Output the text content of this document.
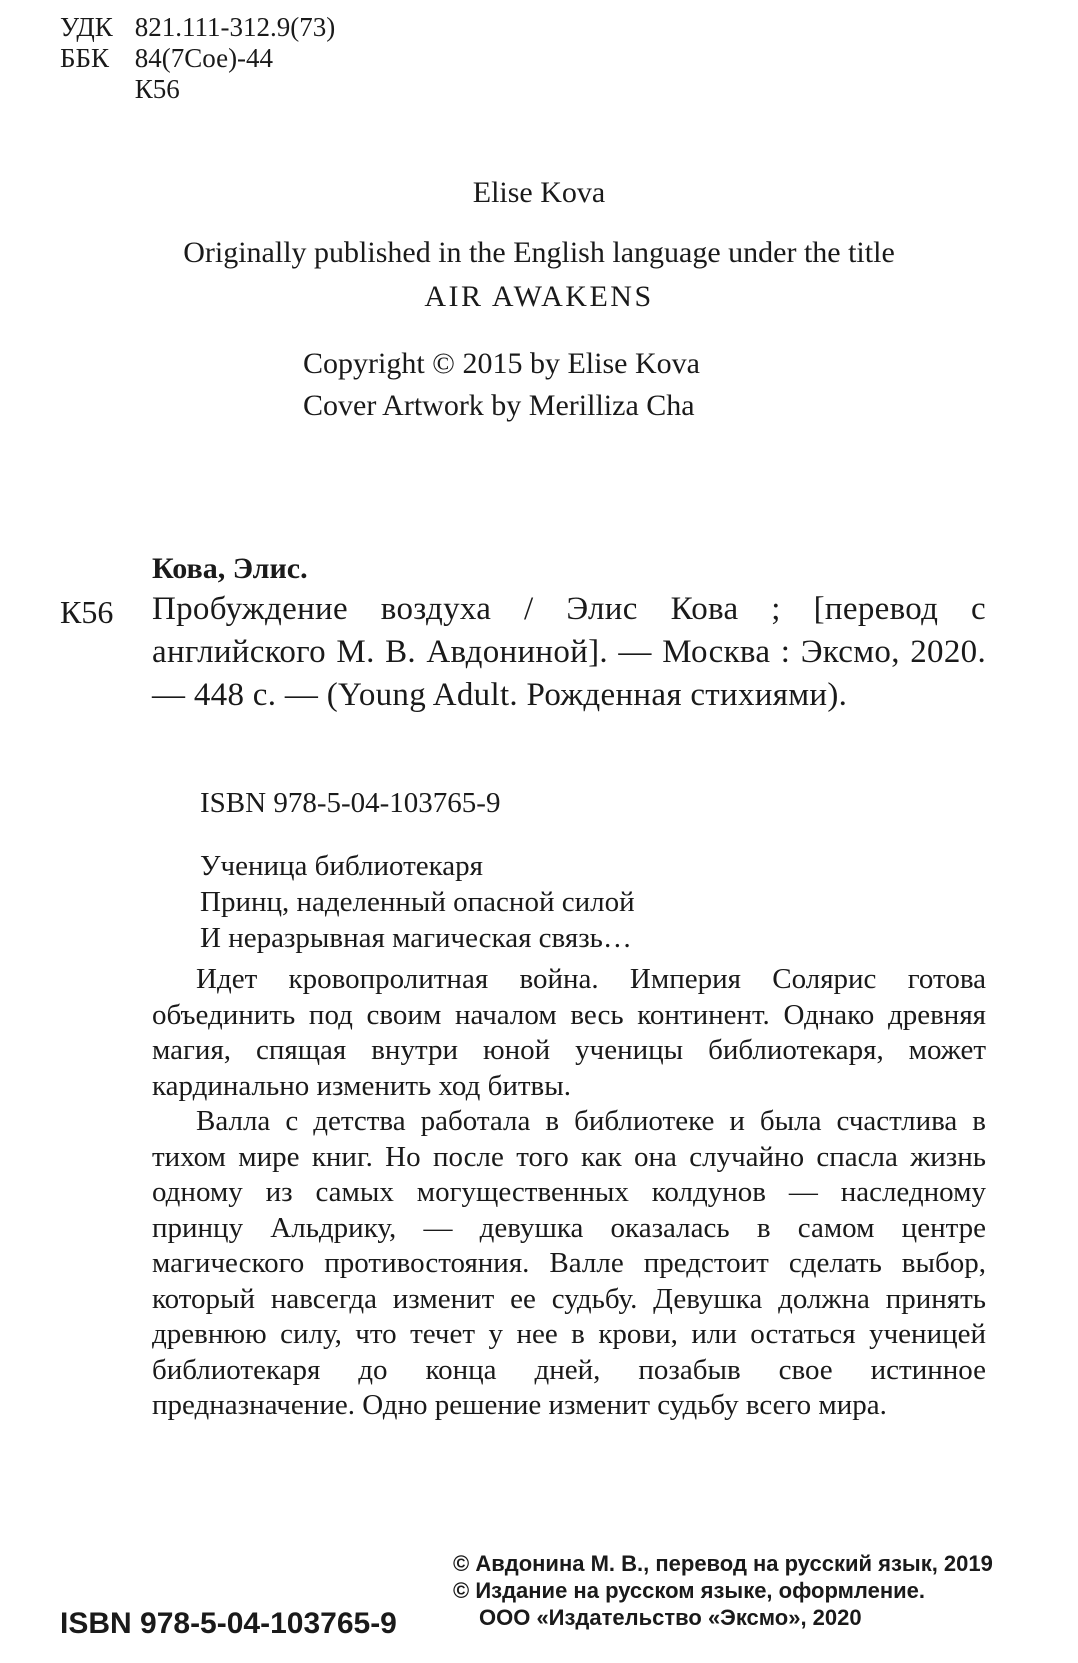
УДК 821.111-312.9(73)
ББК 84(7Сое)-44
К56
Elise Kova
Originally published in the English language under the title
AIR AWAKENS
Copyright © 2015 by Elise Kova
Cover Artwork by Merilliza Cha
Кова, Элис.
К56 Пробуждение воздуха / Элис Кова ; [перевод с английского М. В. Авдониной]. — Москва : Эксмо, 2020. — 448 с. — (Young Adult. Рожденная стихиями).
ISBN 978-5-04-103765-9
Ученица библиотекаря
Принц, наделенный опасной силой
И неразрывная магическая связь…

Идет кровопролитная война. Империя Солярис готова объединить под своим началом весь континент. Однако древняя магия, спящая внутри юной ученицы библиотекаря, может кардинально изменить ход битвы.

Валла с детства работала в библиотеке и была счастлива в тихом мире книг. Но после того как она случайно спасла жизнь одному из самых могущественных колдунов — наследному принцу Альдрику, — девушка оказалась в самом центре магического противостояния. Валле предстоит сделать выбор, который навсегда изменит ее судьбу. Девушка должна принять древнюю силу, что течет у нее в крови, или остаться ученицей библиотекаря до конца дней, позабыв свое истинное предназначение. Одно решение изменит судьбу всего мира.

© Авдонина М. В., перевод на русский язык, 2019
© Издание на русском языке, оформление.
ООО «Издательство «Эксмо», 2020
ISBN 978-5-04-103765-9
